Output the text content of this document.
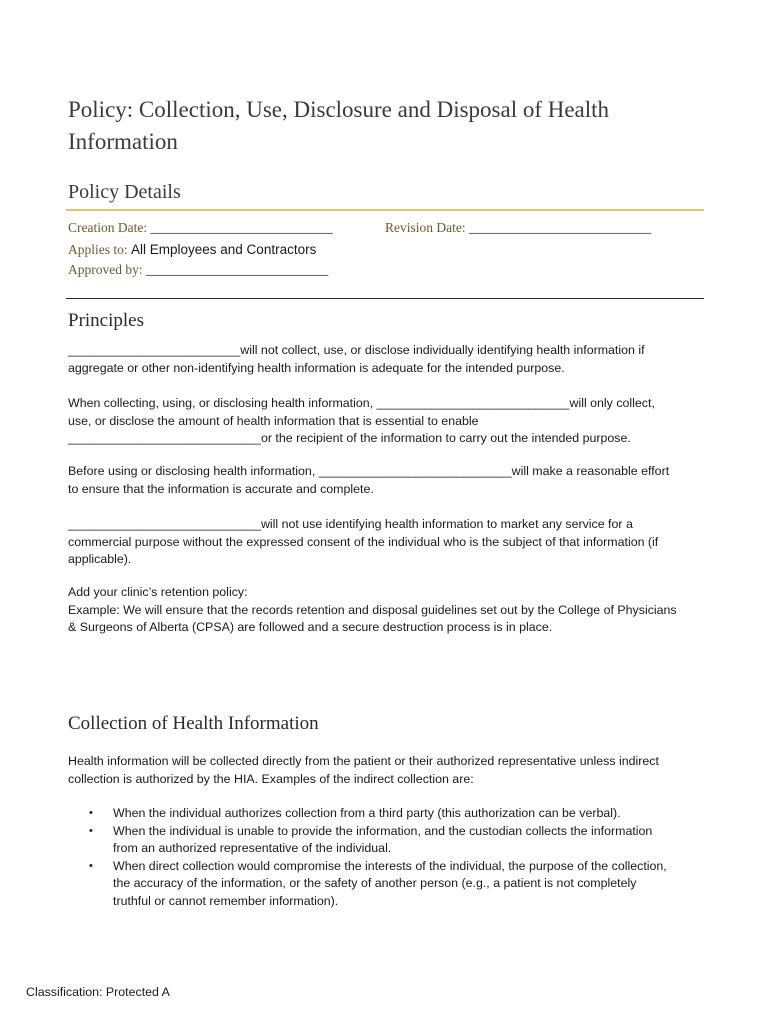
Policy: Collection, Use, Disclosure and Disposal of Health Information
Policy Details
Creation Date: ___________________________	Revision Date: ___________________________
Applies to: All Employees and Contractors
Approved by: ___________________________
Principles

_________________________will not collect, use, or disclose individually identifying health information if
aggregate or other non-identifying health information is adequate for the intended purpose.

When collecting, using, or disclosing health information, ____________________________will only collect,
use, or disclose the amount of health information that is essential to enable
____________________________or the recipient of the information to carry out the intended purpose.

Before using or disclosing health information, ____________________________will make a reasonable effort
to ensure that the information is accurate and complete.

____________________________will not use identifying health information to market any service for a
commercial purpose without the expressed consent of the individual who is the subject of that information (if
applicable).

Add your clinic’s retention policy:
Example: We will ensure that the records retention and disposal guidelines set out by the College of Physicians
& Surgeons of Alberta (CPSA) are followed and a secure destruction process is in place.

Collection of Health Information

Health information will be collected directly from the patient or their authorized representative unless indirect
collection is authorized by the HIA. Examples of the indirect collection are:

• When the individual authorizes collection from a third party (this authorization can be verbal).
• When the individual is unable to provide the information, and the custodian collects the information
from an authorized representative of the individual.
• When direct collection would compromise the interests of the individual, the purpose of the collection,
the accuracy of the information, or the safety of another person (e.g., a patient is not completely
truthful or cannot remember information).
Classification: Protected A
